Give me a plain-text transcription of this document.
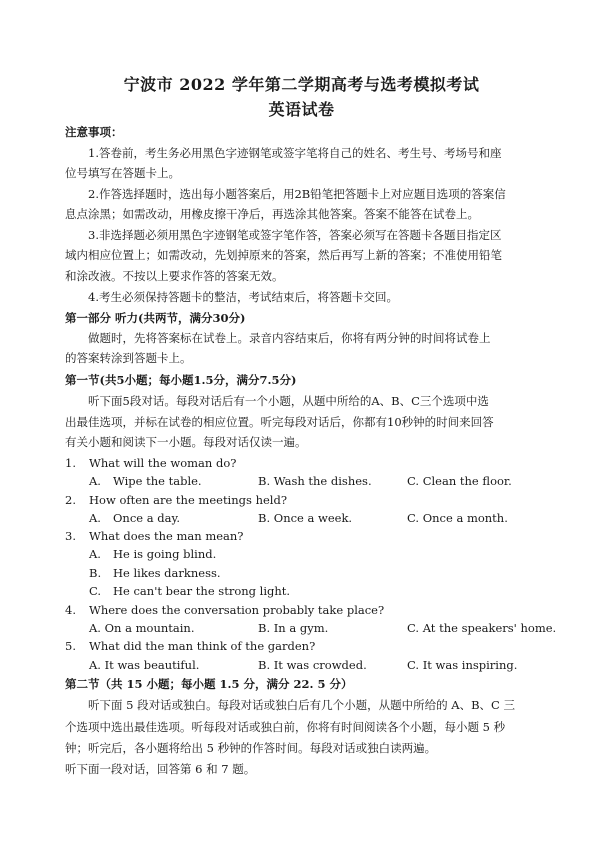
宁波市 2022 学年第二学期高考与选考模拟考试
英语试卷
注意事项：
1.答卷前，考生务必用黑色字迹钢笔或签字笔将自己的姓名、考生号、考场号和座
位号填写在答题卡上。
2.作答选择题时，选出每小题答案后，用2B铅笔把答题卡上对应题目选项的答案信
息点涂黑；如需改动，用橡皮擦干净后，再选涂其他答案。答案不能答在试卷上。
3.非选择题必须用黑色字迹钢笔或签字笔作答，答案必须写在答题卡各题目指定区
域内相应位置上；如需改动，先划掉原来的答案，然后再写上新的答案；不准使用铅笔
和涂改液。不按以上要求作答的答案无效。
4.考生必须保持答题卡的整洁，考试结束后，将答题卡交回。
第一部分 听力(共两节，满分30分)
做题时，先将答案标在试卷上。录音内容结束后，你将有两分钟的时间将试卷上
的答案转涂到答题卡上。
第一节(共5小题；每小题1.5分，满分7.5分)
听下面5段对话。每段对话后有一个小题，从题中所给的A、B、C三个选项中选
出最佳选项，并标在试卷的相应位置。听完每段对话后，你都有10秒钟的时间来回答
有关小题和阅读下一小题。每段对话仅读一遍。
1. What will the woman do?
A. Wipe the table.	B. Wash the dishes.	C. Clean the floor.
2. How often are the meetings held?
A. Once a day.	B. Once a week.	C. Once a month.
3. What does the man mean?
A. He is going blind.
B. He likes darkness.
C. He can't bear the strong light.
4. Where does the conversation probably take place?
A. On a mountain.	B. In a gym.	C. At the speakers' home.
5. What did the man think of the garden?
A. It was beautiful.	B. It was crowded.	C. It was inspiring.
第二节（共 15 小题；每小题 1.5 分，满分 22. 5 分）
听下面 5 段对话或独白。每段对话或独白后有几个小题，从题中所给的 A、B、C 三
个选项中选出最佳选项。听每段对话或独白前，你将有时间阅读各个小题，每小题 5 秒
钟；听完后，各小题将给出 5 秒钟的作答时间。每段对话或独白读两遍。
听下面一段对话，回答第 6 和 7 题。
